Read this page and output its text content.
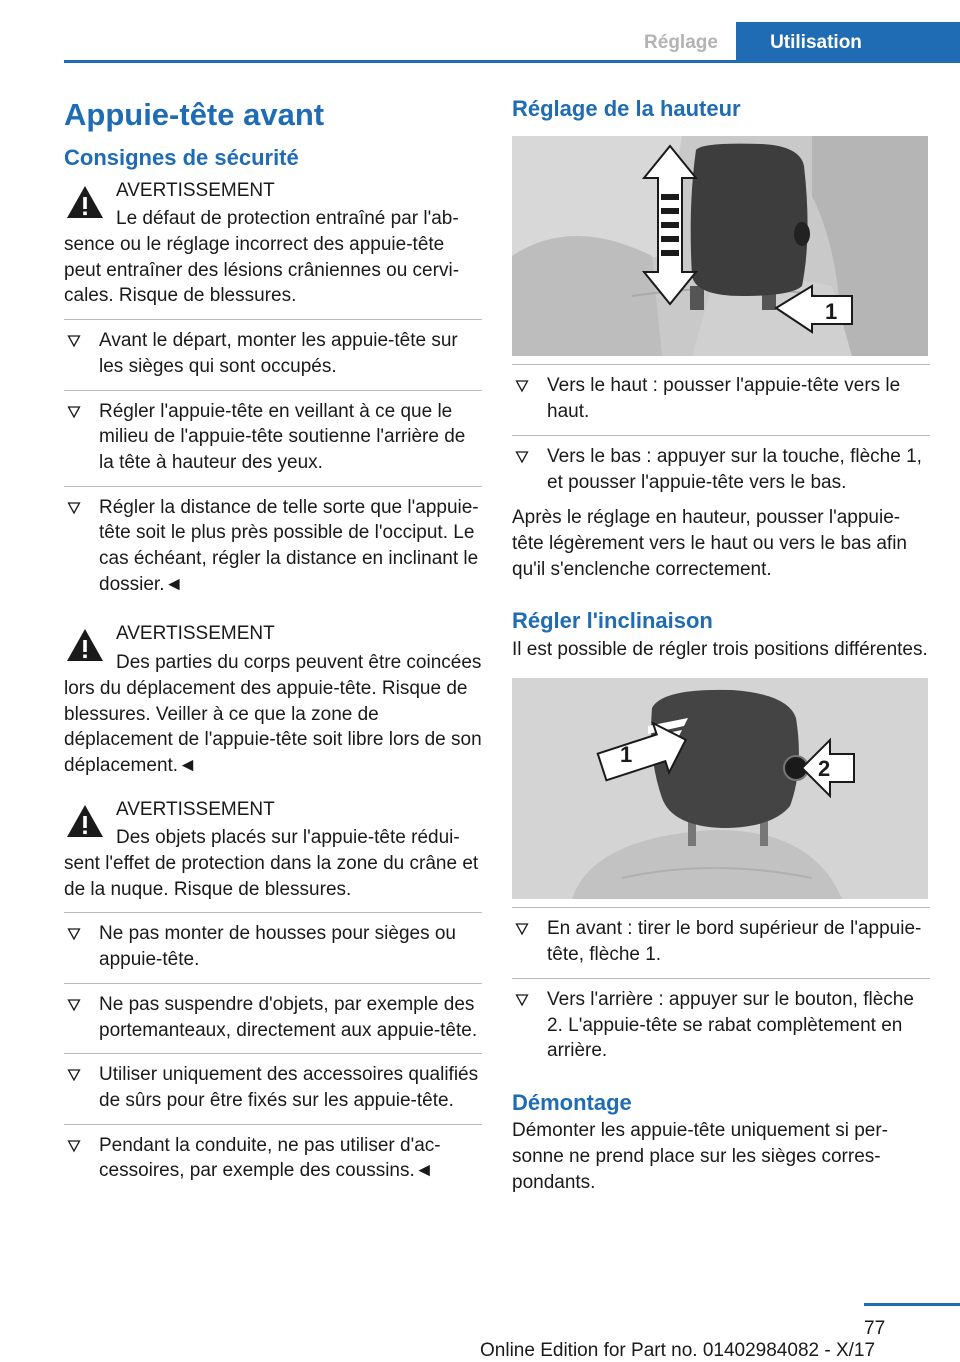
Réglage	Utilisation
Appuie-tête avant
Consignes de sécurité
AVERTISSEMENT
Le défaut de protection entraîné par l'absence ou le réglage incorrect des appuie-tête peut entraîner des lésions crâniennes ou cervicales. Risque de blessures.
Avant le départ, monter les appuie-tête sur les sièges qui sont occupés.
Régler l'appuie-tête en veillant à ce que le milieu de l'appuie-tête soutienne l'arrière de la tête à hauteur des yeux.
Régler la distance de telle sorte que l'appuie-tête soit le plus près possible de l'occiput. Le cas échéant, régler la distance en inclinant le dossier.◄
AVERTISSEMENT
Des parties du corps peuvent être coincées lors du déplacement des appuie-tête. Risque de blessures. Veiller à ce que la zone de déplacement de l'appuie-tête soit libre lors de son déplacement.◄
AVERTISSEMENT
Des objets placés sur l'appuie-tête réduisent l'effet de protection dans la zone du crâne et de la nuque. Risque de blessures.
Ne pas monter de housses pour sièges ou appuie-tête.
Ne pas suspendre d'objets, par exemple des portemanteaux, directement aux appuie-tête.
Utiliser uniquement des accessoires qualifiés de sûrs pour être fixés sur les appuie-tête.
Pendant la conduite, ne pas utiliser d'accessoires, par exemple des coussins.◄
Réglage de la hauteur
1
Vers le haut : pousser l'appuie-tête vers le haut.
Vers le bas : appuyer sur la touche, flèche 1, et pousser l'appuie-tête vers le bas.
Après le réglage en hauteur, pousser l'appuie-tête légèrement vers le haut ou vers le bas afin qu'il s'enclenche correctement.
Régler l'inclinaison
Il est possible de régler trois positions différentes.
1
2
En avant : tirer le bord supérieur de l'appuie-tête, flèche 1.
Vers l'arrière : appuyer sur le bouton, flèche 2. L'appuie-tête se rabat complètement en arrière.
Démontage
Démonter les appuie-tête uniquement si personne ne prend place sur les sièges correspondants.
77
Online Edition for Part no. 01402984082 - X/17
